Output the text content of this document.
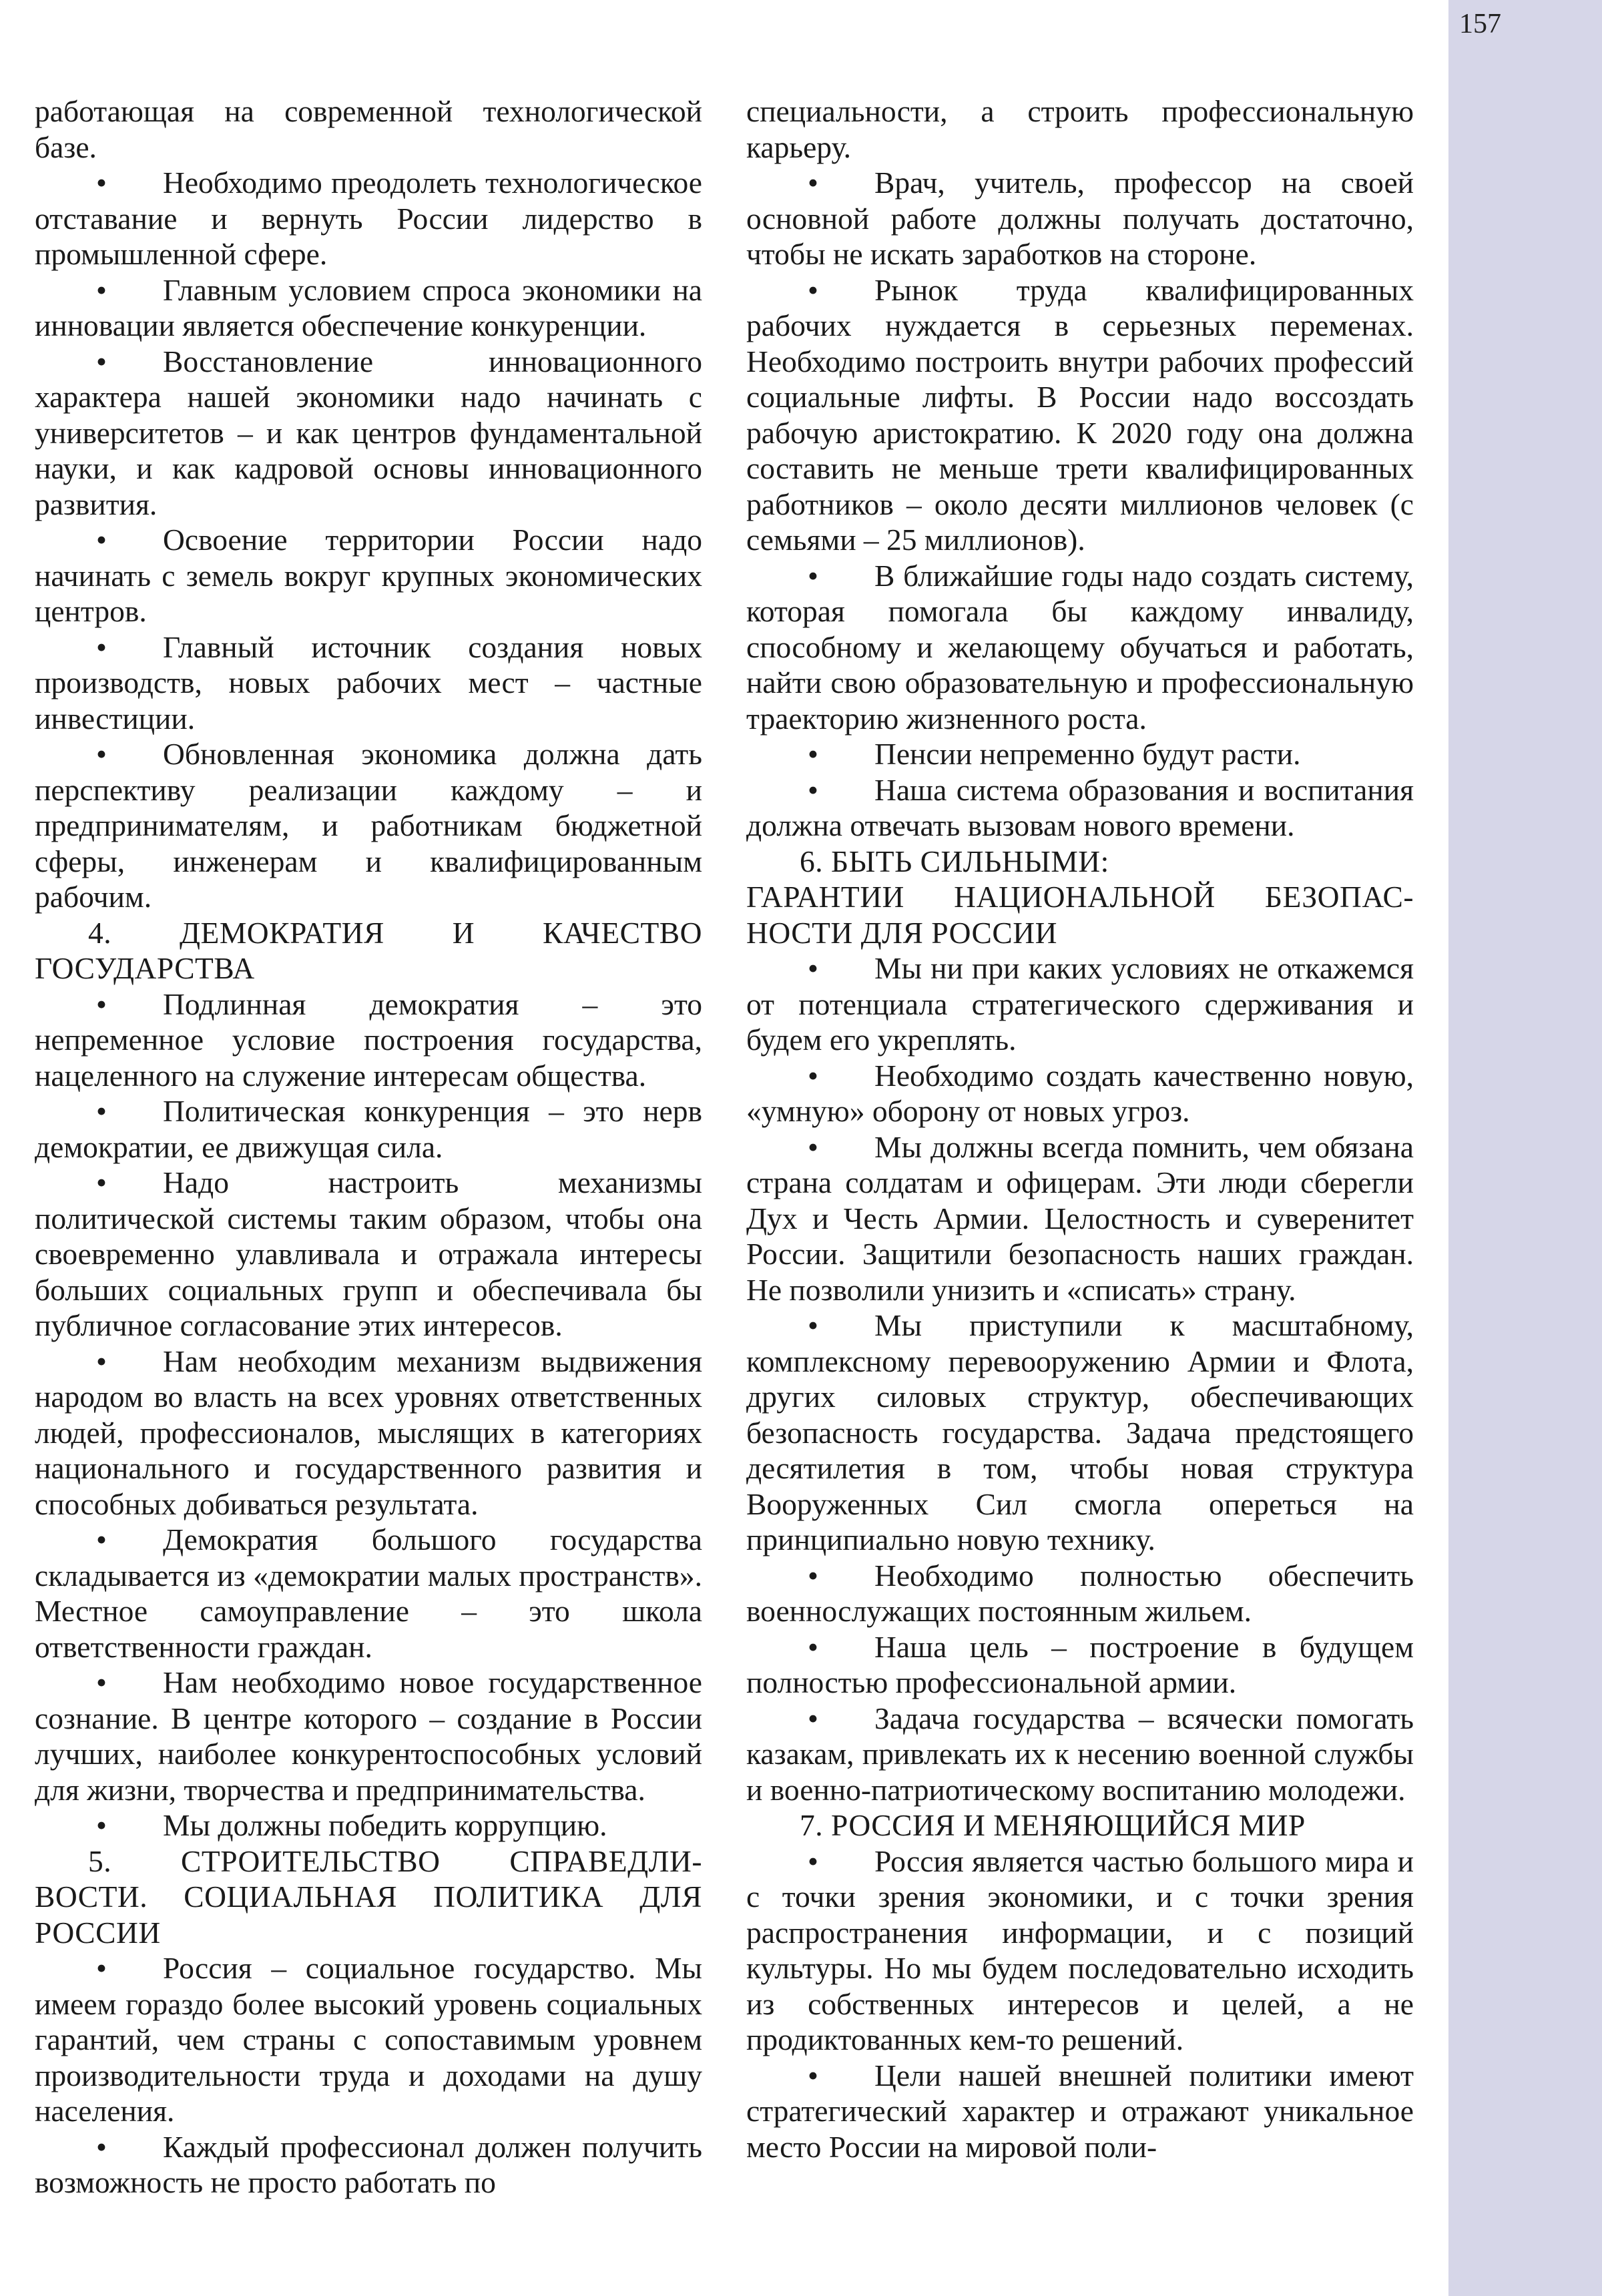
157

работающая на современной технологической базе.

• Необходимо преодолеть технологическое отставание и вернуть России лидерство в промышленной сфере.

• Главным условием спроса экономики на инновации является обеспечение конкуренции.

• Восстановление инновационного характера нашей экономики надо начинать с университетов – и как центров фундаментальной науки, и как кадровой основы инновационного развития.

• Освоение территории России надо начинать с земель вокруг крупных экономических центров.

• Главный источник создания новых производств, новых рабочих мест – частные инвестиции.

• Обновленная экономика должна дать перспективу реализации каждому – и предпринимателям, и работникам бюджетной сферы, инженерам и квалифицированным рабочим.

4. ДЕМОКРАТИЯ И КАЧЕСТВО

ГОСУДАРСТВА

• Подлинная демократия – это непременное условие построения государства, нацеленного на служение интересам общества.

• Политическая конкуренция – это нерв демократии, ее движущая сила.

• Надо настроить механизмы политической системы таким образом, чтобы она своевременно улавливала и отражала интересы больших социальных групп и обеспечивала бы публичное согласование этих интересов.

• Нам необходим механизм выдвижения народом во власть на всех уровнях ответственных людей, профессионалов, мыслящих в категориях национального и государственного развития и способных добиваться результата.

• Демократия большого государства складывается из «демократии малых пространств». Местное самоуправление – это школа ответственности граждан.

• Нам необходимо новое государственное сознание. В центре которого – создание в России лучших, наиболее конкурентоспособных условий для жизни, творчества и предпринимательства.

• Мы должны победить коррупцию.

5. СТРОИТЕЛЬСТВО СПРАВЕДЛИ-

ВОСТИ. СОЦИАЛЬНАЯ ПОЛИТИКА ДЛЯ

РОССИИ

• Россия – социальное государство. Мы имеем гораздо более высокий уровень социальных гарантий, чем страны с сопоставимым уровнем производительности труда и доходами на душу населения.

• Каждый профессионал должен получить возможность не просто работать по

специальности, а строить профессиональную карьеру.

• Врач, учитель, профессор на своей основной работе должны получать достаточно, чтобы не искать заработков на стороне.

• Рынок труда квалифицированных рабочих нуждается в серьезных переменах. Необходимо построить внутри рабочих профессий социальные лифты. В России надо воссоздать рабочую аристократию. К 2020 году она должна составить не меньше трети квалифицированных работников – около десяти миллионов человек (с семьями – 25 миллионов).

• В ближайшие годы надо создать систему, которая помогала бы каждому инвалиду, способному и желающему обучаться и работать, найти свою образовательную и профессиональную траекторию жизненного роста.

• Пенсии непременно будут расти.

• Наша система образования и воспитания должна отвечать вызовам нового времени.

6. БЫТЬ СИЛЬНЫМИ:

ГАРАНТИИ НАЦИОНАЛЬНОЙ БЕЗОПАС-

НОСТИ ДЛЯ РОССИИ

• Мы ни при каких условиях не откажемся от потенциала стратегического сдерживания и будем его укреплять.

• Необходимо создать качественно новую, «умную» оборону от новых угроз.

• Мы должны всегда помнить, чем обязана страна солдатам и офицерам. Эти люди сберегли Дух и Честь Армии. Целостность и суверенитет России. Защитили безопасность наших граждан. Не позволили унизить и «списать» страну.

• Мы приступили к масштабному, комплексному перевооружению Армии и Флота, других силовых структур, обеспечивающих безопасность государства. Задача предстоящего десятилетия в том, чтобы новая структура Вооруженных Сил смогла опереться на принципиально новую технику.

• Необходимо полностью обеспечить военнослужащих постоянным жильем.

• Наша цель – построение в будущем полностью профессиональной армии.

• Задача государства – всячески помогать казакам, привлекать их к несению военной службы и военно-патриотическому воспитанию молодежи.

7. РОССИЯ И МЕНЯЮЩИЙСЯ МИР

• Россия является частью большого мира и с точки зрения экономики, и с точки зрения распространения информации, и с позиций культуры. Но мы будем последовательно исходить из собственных интересов и целей, а не продиктованных кем-то решений.

• Цели нашей внешней политики имеют стратегический характер и отражают уникальное место России на мировой поли-
